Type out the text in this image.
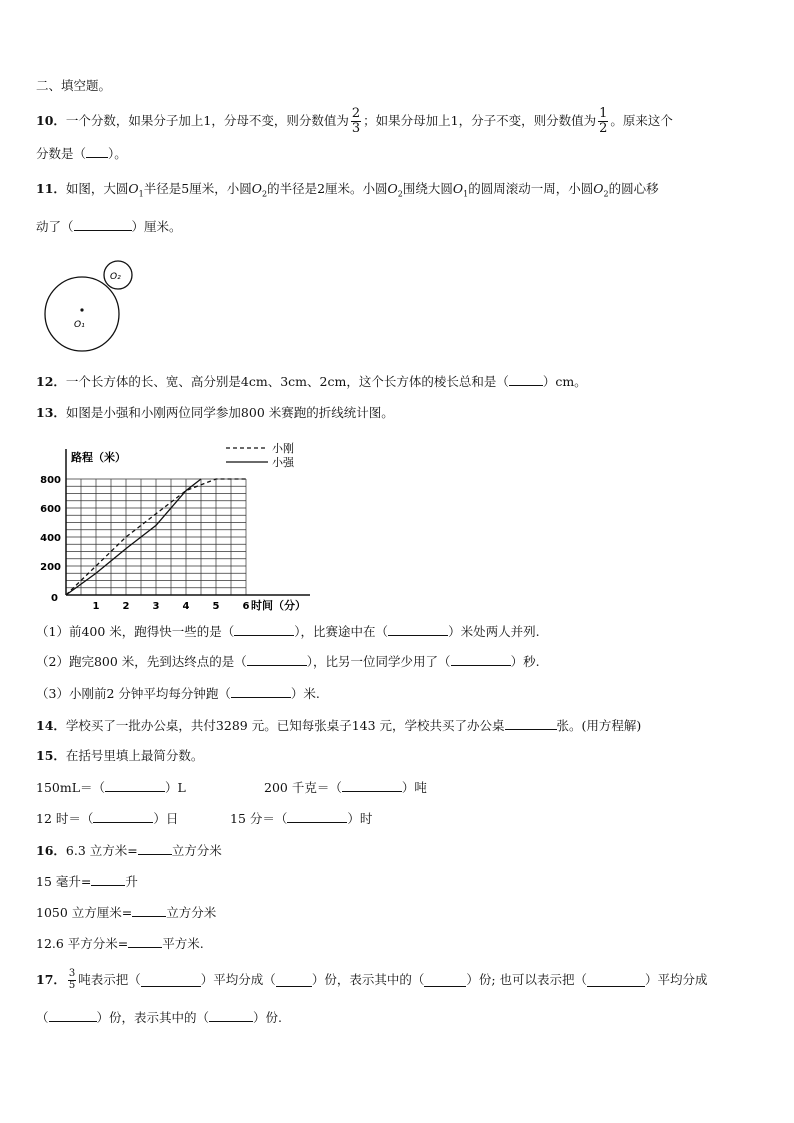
二、填空题。
10． 一个分数，如果分子加上1，分母不变，则分数值为 $\frac{2}{3}$ ；如果分母加上1，分子不变，则分数值为 $\frac{1}{2}$ 。原来这个
分数是（ ）。
11．如图，大圆$O_1$半径是5厘米，小圆$O_2$的半径是2厘米。小圆$O_2$围绕大圆$O_1$的圆周滚动一周，小圆$O_2$的圆心移
动了（	）厘米。
O₁
O₂
12．一个长方体的长、宽、高分别是4cm、3cm、2cm，这个长方体的棱长总和是（	）cm。
13．如图是小强和小刚两位同学参加800 米赛跑的折线统计图。
路程（米）
200
400
600
800
0
1 2 3 4 5 6 时间（分）
小刚
小强
（1）前400 米，跑得快一些的是（	），比赛途中在（	）米处两人并列.
（2）跑完800 米，先到达终点的是（	），比另一位同学少用了（	）秒.
（3）小刚前2 分钟平均每分钟跑（	）米.
14．学校买了一批办公桌，共付3289 元。已知每张桌子143 元，学校共买了办公桌	张。(用方程解)
15．在括号里填上最简分数。
150mL＝（	）L	200 千克＝（	）吨
12 时＝（	）日	15 分＝（	）时
16．6.3 立方米=	立方分米
15 毫升=	升
1050 立方厘米=	立方分米
12.6 平方分米=	平方米.
17． $\frac{3}{5}$ 吨表示把（	）平均分成（	）份，表示其中的（	）份; 也可以表示把（	）平均分成
（	）份，表示其中的（	）份.
